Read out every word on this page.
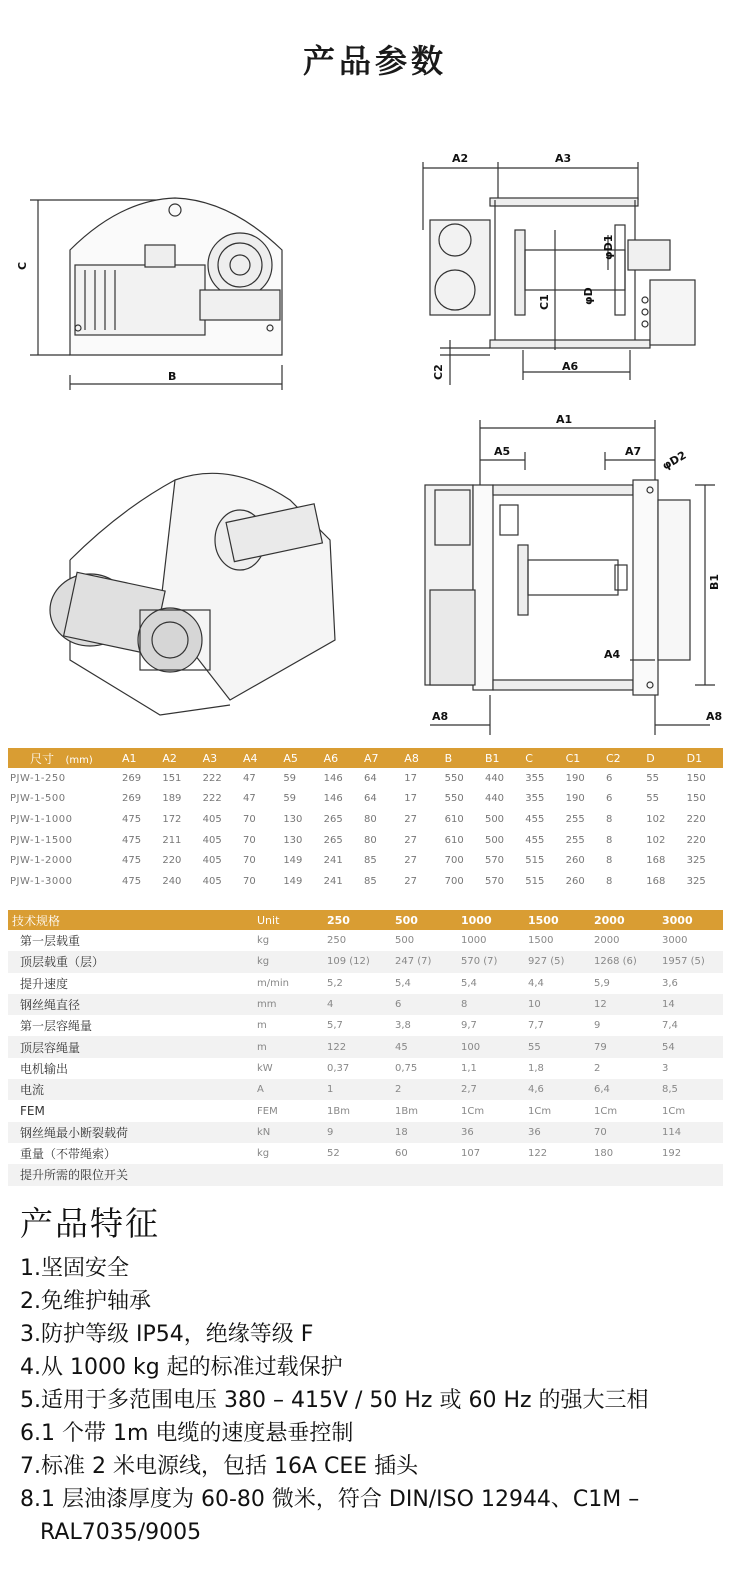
产品参数
C
B
A2	A3
φD1
φD
C1
C2	A6
A1
A5	A7 φD2
B1
A4
A8	A8
尺寸 (mm)	A1	A2	A3	A4	A5	A6	A7	A8	B	B1	C	C1	C2	D	D1
PJW-1-250	269	151	222	47	59	146	64	17	550	440	355	190	6	55	150
PJW-1-500	269	189	222	47	59	146	64	17	550	440	355	190	6	55	150
PJW-1-1000	475	172	405	70	130	265	80	27	610	500	455	255	8	102	220
PJW-1-1500	475	211	405	70	130	265	80	27	610	500	455	255	8	102	220
PJW-1-2000	475	220	405	70	149	241	85	27	700	570	515	260	8	168	325
PJW-1-3000	475	240	405	70	149	241	85	27	700	570	515	260	8	168	325
技术规格	Unit	250	500	1000	1500	2000	3000
第一层载重	kg	250	500	1000	1500	2000	3000
顶层载重（层）	kg	109 (12)	247 (7)	570 (7)	927 (5)	1268 (6)	1957 (5)
提升速度	m/min	5,2	5,4	5,4	4,4	5,9	3,6
钢丝绳直径	mm	4	6	8	10	12	14
第一层容绳量	m	5,7	3,8	9,7	7,7	9	7,4
顶层容绳量	m	122	45	100	55	79	54
电机输出	kW	0,37	0,75	1,1	1,8	2	3
电流	A	1	2	2,7	4,6	6,4	8,5
FEM	FEM	1Bm	1Bm	1Cm	1Cm	1Cm	1Cm
钢丝绳最小断裂载荷	kN	9	18	36	36	70	114
重量（不带绳索）	kg	52	60	107	122	180	192
提升所需的限位开关							
产品特征
1.坚固安全
2.免维护轴承
3.防护等级 IP54，绝缘等级 F
4.从 1000 kg 起的标准过载保护
5.适用于多范围电压 380 – 415V / 50 Hz 或 60 Hz 的强大三相
6.1 个带 1m 电缆的速度悬垂控制
7.标准 2 米电源线，包括 16A CEE 插头
8.1 层油漆厚度为 60-80 微米，符合 DIN/ISO 12944、C1M –
RAL7035/9005
